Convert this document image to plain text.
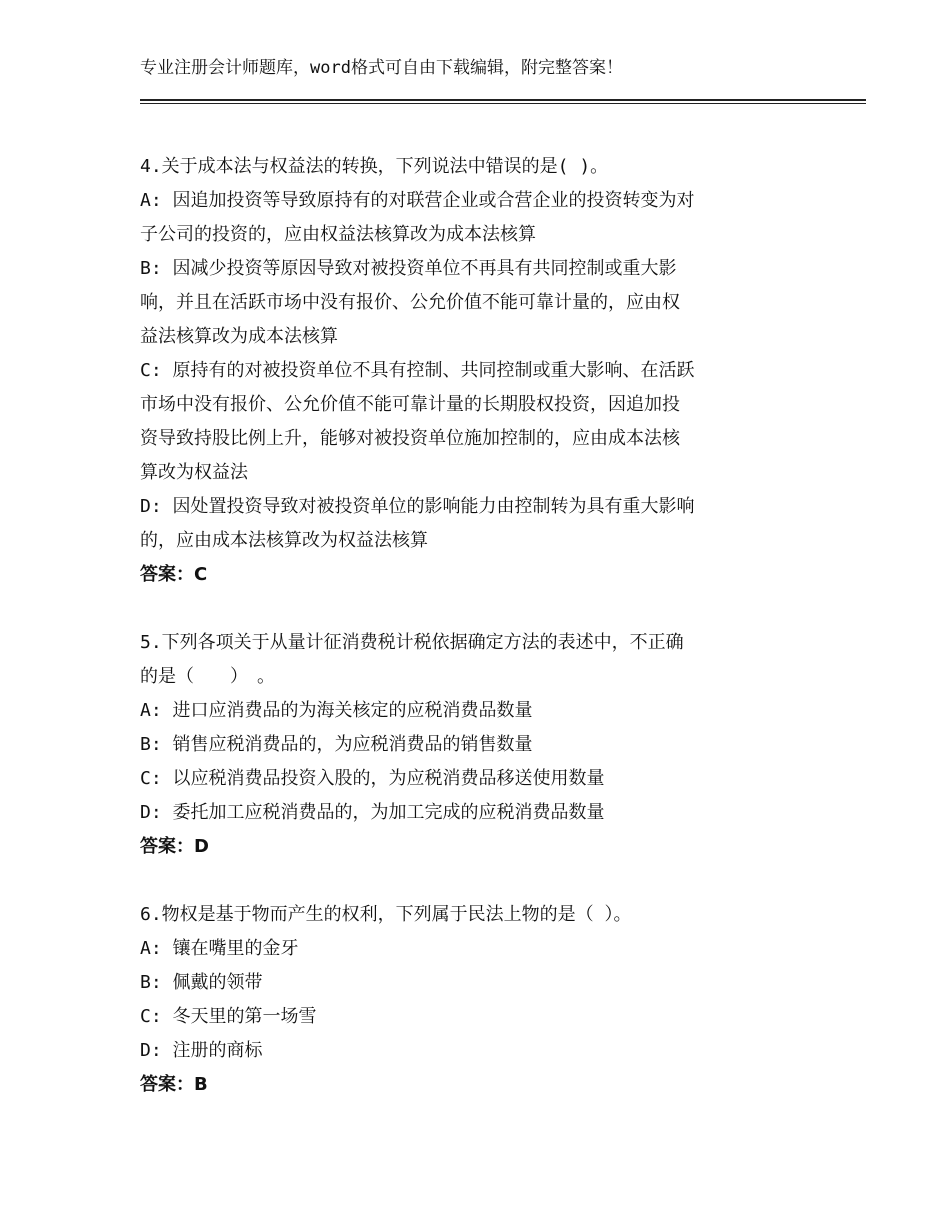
专业注册会计师题库，word格式可自由下载编辑，附完整答案！
4.关于成本法与权益法的转换，下列说法中错误的是( )。
A: 因追加投资等导致原持有的对联营企业或合营企业的投资转变为对
子公司的投资的，应由权益法核算改为成本法核算
B: 因减少投资等原因导致对被投资单位不再具有共同控制或重大影
响，并且在活跃市场中没有报价、公允价值不能可靠计量的，应由权
益法核算改为成本法核算
C: 原持有的对被投资单位不具有控制、共同控制或重大影响、在活跃
市场中没有报价、公允价值不能可靠计量的长期股权投资，因追加投
资导致持股比例上升，能够对被投资单位施加控制的，应由成本法核
算改为权益法
D: 因处置投资导致对被投资单位的影响能力由控制转为具有重大影响
的，应由成本法核算改为权益法核算
答案：C
5.下列各项关于从量计征消费税计税依据确定方法的表述中，不正确
的是（　　）　。
A: 进口应消费品的为海关核定的应税消费品数量
B: 销售应税消费品的，为应税消费品的销售数量
C: 以应税消费品投资入股的，为应税消费品移送使用数量
D: 委托加工应税消费品的，为加工完成的应税消费品数量
答案：D
6.物权是基于物而产生的权利，下列属于民法上物的是（ ）。
A: 镶在嘴里的金牙
B: 佩戴的领带
C: 冬天里的第一场雪
D: 注册的商标
答案：B
